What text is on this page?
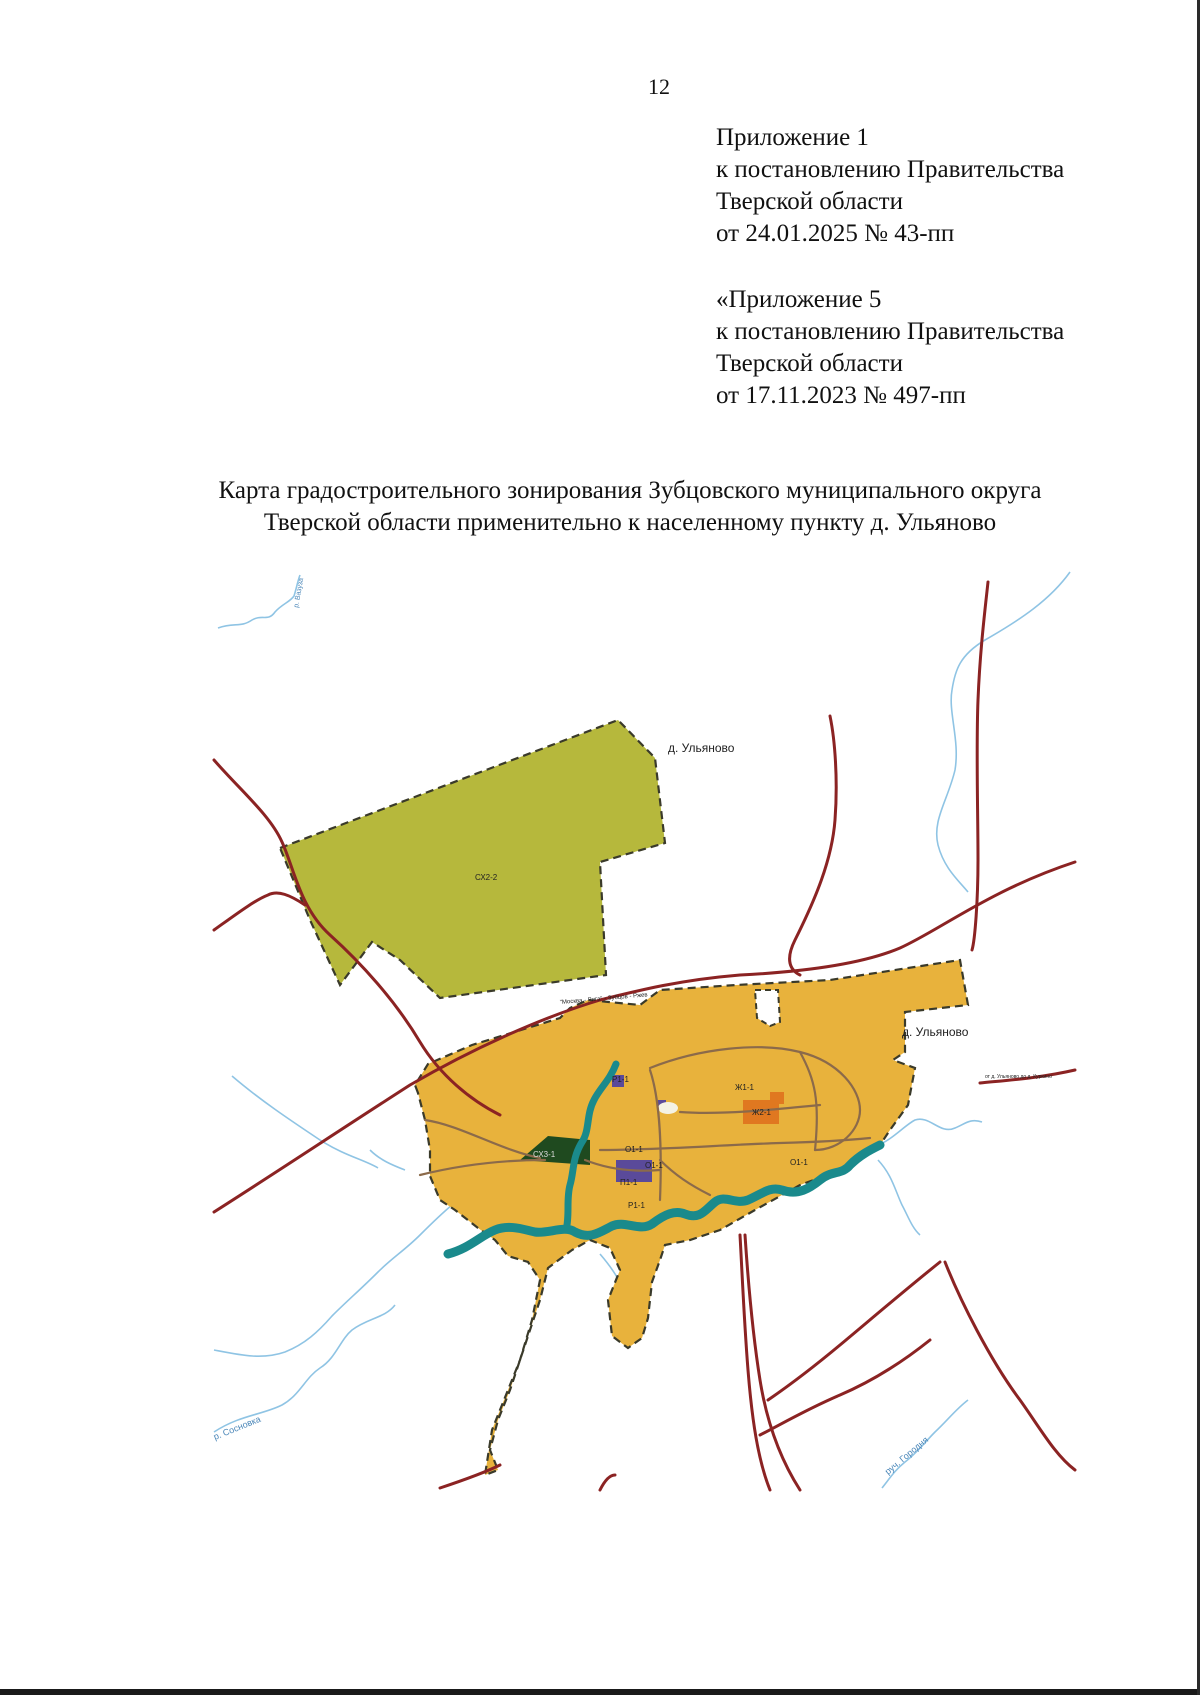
12
Приложение 1
к постановлению Правительства
Тверской области
от 24.01.2025 № 43-пп
«Приложение 5
к постановлению Правительства
Тверской области
от 17.11.2023 № 497-пп
Карта градостроительного зонирования Зубцовского муниципального округа
Тверской области применительно к населенному пункту д. Ульяново
д. Ульяново
д. Ульяново
СХ2-2
Ж1-1
Ж2-1
О1-1
О1-1	О1-1
П1-1
Р1-1
Р1-1
СХ3-1
"Москва - Рига" - Зубцов - Ржев
от д. Ульяново до д. Куркино
р. Сосновка
руч. Городня
р. Вазуза
